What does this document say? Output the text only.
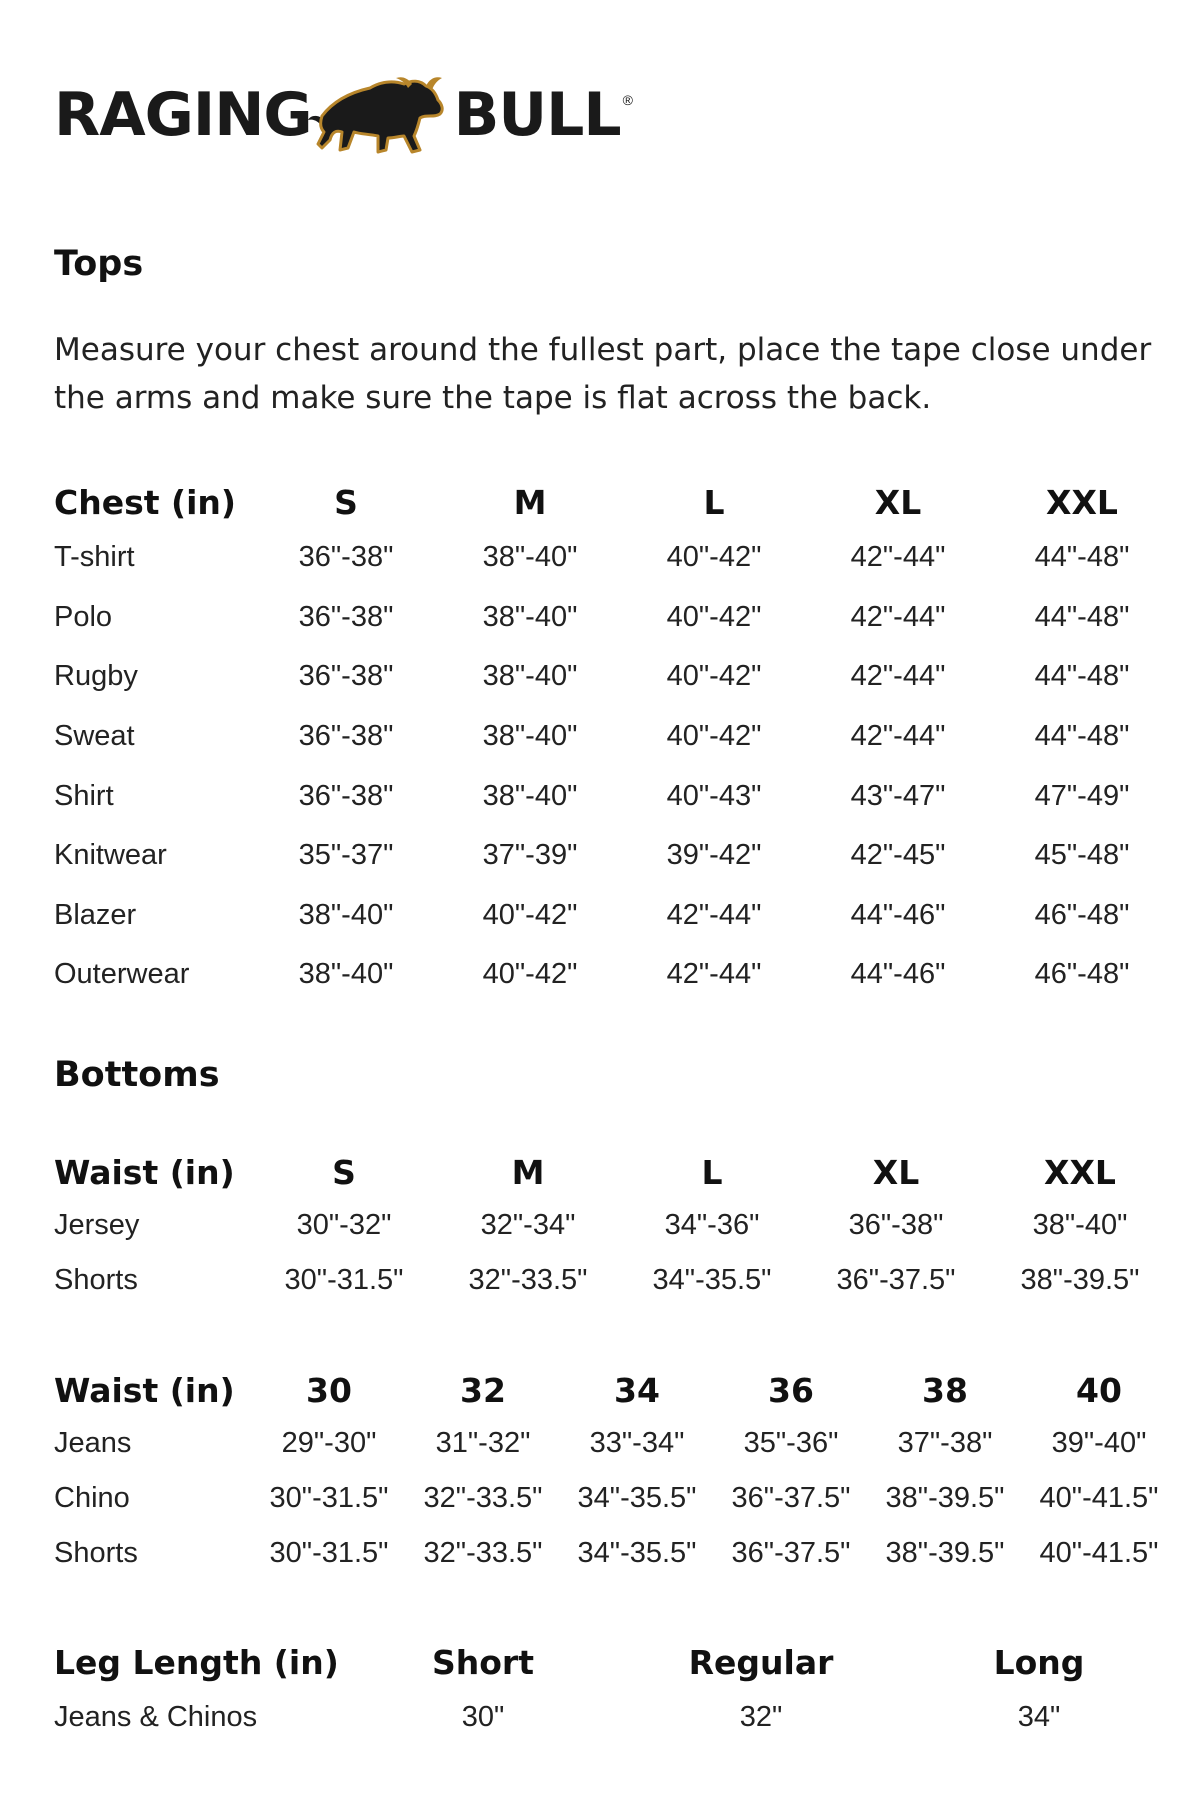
RAGING BULL ®
Tops

Measure your chest around the fullest part, place the tape close under the arms and make sure the tape is flat across the back.

Chest (in)	S	M	L	XL	XXL
T-shirt	36"-38"	38"-40"	40"-42"	42"-44"	44"-48"
Polo	36"-38"	38"-40"	40"-42"	42"-44"	44"-48"
Rugby	36"-38"	38"-40"	40"-42"	42"-44"	44"-48"
Sweat	36"-38"	38"-40"	40"-42"	42"-44"	44"-48"
Shirt	36"-38"	38"-40"	40"-43"	43"-47"	47"-49"
Knitwear	35"-37"	37"-39"	39"-42"	42"-45"	45"-48"
Blazer	38"-40"	40"-42"	42"-44"	44"-46"	46"-48"
Outerwear	38"-40"	40"-42"	42"-44"	44"-46"	46"-48"
Bottoms
Waist (in)	S	M	L	XL	XXL
Jersey	30"-32"	32"-34"	34"-36"	36"-38"	38"-40"
Shorts	30"-31.5"	32"-33.5"	34"-35.5"	36"-37.5"	38"-39.5"
Waist (in)	30	32	34	36	38	40
Jeans	29"-30"	31"-32"	33"-34"	35"-36"	37"-38"	39"-40"
Chino	30"-31.5"	32"-33.5"	34"-35.5"	36"-37.5"	38"-39.5"	40"-41.5"
Shorts	30"-31.5"	32"-33.5"	34"-35.5"	36"-37.5"	38"-39.5"	40"-41.5"
Leg Length (in)	Short	Regular	Long
Jeans & Chinos	30"	32"	34"
